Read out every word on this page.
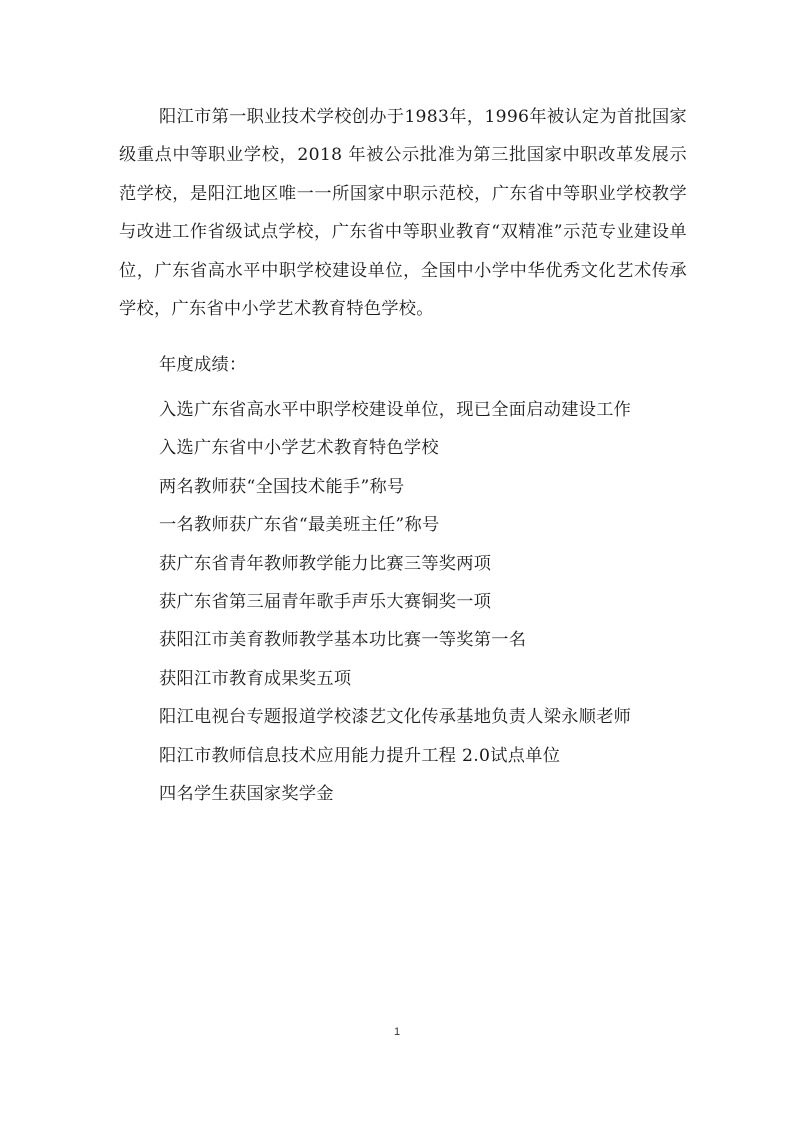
阳江市第一职业技术学校创办于1983年，1996年被认定为首批国家级重点中等职业学校，2018 年被公示批准为第三批国家中职改革发展示范学校，是阳江地区唯一一所国家中职示范校，广东省中等职业学校教学与改进工作省级试点学校，广东省中等职业教育“双精准”示范专业建设单位，广东省高水平中职学校建设单位，全国中小学中华优秀文化艺术传承学校，广东省中小学艺术教育特色学校。

年度成绩：

入选广东省高水平中职学校建设单位，现已全面启动建设工作
入选广东省中小学艺术教育特色学校
两名教师获“全国技术能手”称号
一名教师获广东省“最美班主任”称号
获广东省青年教师教学能力比赛三等奖两项
获广东省第三届青年歌手声乐大赛铜奖一项
获阳江市美育教师教学基本功比赛一等奖第一名
获阳江市教育成果奖五项
阳江电视台专题报道学校漆艺文化传承基地负责人梁永顺老师
阳江市教师信息技术应用能力提升工程 2.0试点单位
四名学生获国家奖学金
1
